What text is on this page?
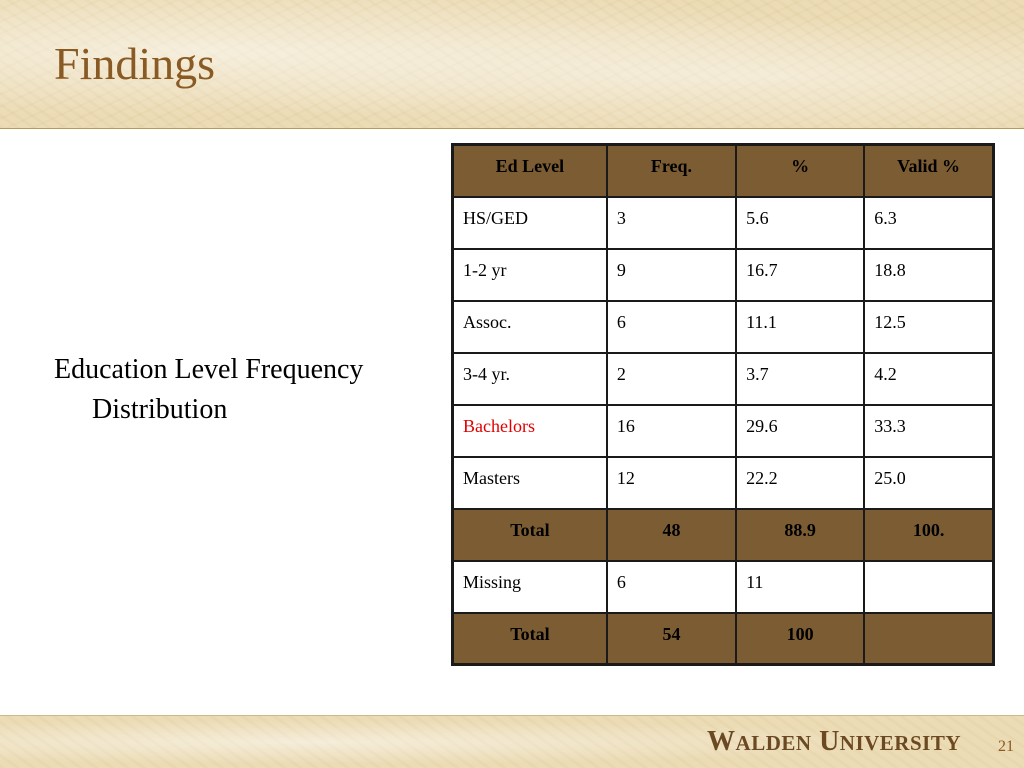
Findings
Education Level Frequency Distribution
Ed Level	Freq.	%	Valid %
HS/GED	3	5.6	6.3
1-2 yr	9	16.7	18.8
Assoc.	6	11.1	12.5
3-4 yr.	2	3.7	4.2
Bachelors	16	29.6	33.3
Masters	12	22.2	25.0
Total	48	88.9	100.
Missing	6	11	
Total	54	100	
WALDEN UNIVERSITY 21
